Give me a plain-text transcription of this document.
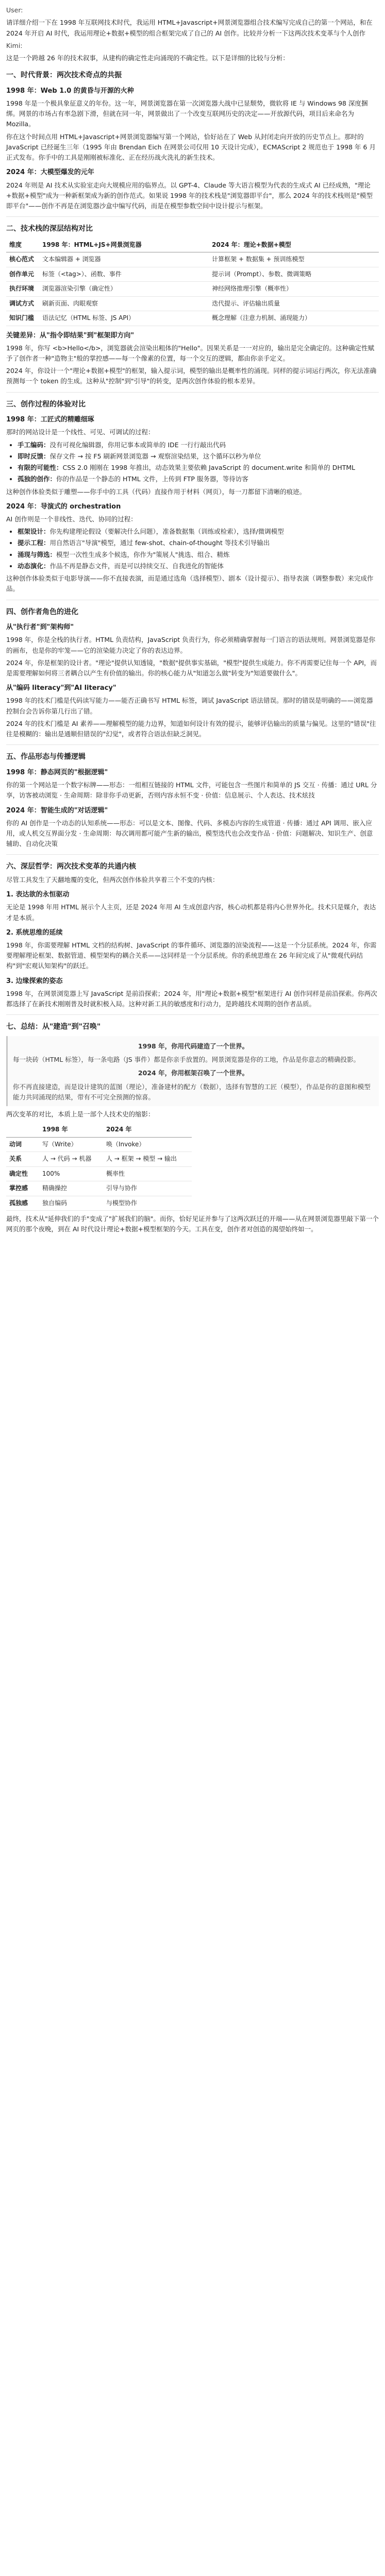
User:

请详细介绍一下在 1998 年互联网技术时代，我运用 HTML+Javascript+网景浏览器组合技术编写完成自己的第一个网站，和在 2024 年开启 AI 时代，我运用理论+数据+模型的组合框架完成了自己的 AI 创作。比较并分析一下这两次技术变革与个人创作

Kimi:

这是一个跨越 26 年的技术叙事，从建构的确定性走向涌现的不确定性。以下是详细的比较与分析：

一、时代背景：两次技术奇点的共振
1998 年：Web 1.0 的黄昏与开源的火种

1998 年是一个极具象征意义的年份。这一年，网景浏览器在第一次浏览器大战中已显颓势，微软将 IE 与 Windows 98 深度捆绑。网景的市场占有率急剧下滑，但就在同一年，网景做出了一个改变互联网历史的决定——开放源代码，项目后来命名为 Mozilla。

你在这个时间点用 HTML+Javascript+网景浏览器编写第一个网站，恰好站在了 Web 从封闭走向开放的历史节点上。那时的 JavaScript 已经诞生三年（1995 年由 Brendan Eich 在网景公司仅用 10 天设计完成），ECMAScript 2 规范也于 1998 年 6 月正式发布。你手中的工具是刚刚被标准化、正在经历战火洗礼的新生技术。

2024 年：大模型爆发的元年

2024 年则是 AI 技术从实验室走向大规模应用的临界点。以 GPT-4、Claude 等大语言模型为代表的生成式 AI 已经成熟，"理论+数据+模型"成为一种新框架成为新的创作范式。如果说 1998 年的技术栈是"浏览器即平台"，那么 2024 年的技术栈则是"模型即平台"——创作不再是在浏览器沙盒中编写代码，而是在模型参数空间中设计提示与框架。

二、技术栈的深层结构对比
维度	1998 年：HTML+JS+网景浏览器	2024 年：理论+数据+模型
核心范式	文本编辑器 + 浏览器	计算框架 + 数据集 + 预训练模型
创作单元	标签（<tag>）、函数、事件	提示词（Prompt）、参数、微调策略
执行环境	浏览器渲染引擎（确定性）	神经网络推理引擎（概率性）
调试方式	刷新页面、肉眼观察	迭代提示、评估输出质量
知识门槛	语法记忆（HTML 标签、JS API）	概念理解（注意力机制、涌现能力）
关键差异：从"指令即结果"到"框架即方向"

1998 年，你写 <b>Hello</b>，浏览器就会渲染出粗体的"Hello"。因果关系是一一对应的，输出是完全确定的。这种确定性赋予了创作者一种"造物主"般的掌控感——每一个像素的位置，每一个交互的逻辑，都由你亲手定义。

2024 年，你设计一个"理论+数据+模型"的框架，输入提示词，模型的输出是概率性的涌现。同样的提示词运行两次，你无法准确预测每一个 token 的生成。这种从"控制"到"引导"的转变，是两次创作体验的根本差异。

三、创作过程的体验对比
1998 年：工匠式的精雕细琢

那时的网站设计是一个线性、可见、可调试的过程：

• 手工编码：没有可视化编辑器，你用记事本或简单的 IDE 一行行敲出代码
• 即时反馈：保存文件 → 按 F5 刷新网景浏览器 → 观察渲染结果，这个循环以秒为单位
• 有限的可能性：CSS 2.0 刚刚在 1998 年推出，动态效果主要依赖 JavaScript 的 document.write 和简单的 DHTML
• 孤独的创作：你的作品是一个静态的 HTML 文件，上传到 FTP 服务器，等待访客

这种创作体验类似于雕塑——你手中的工具（代码）直接作用于材料（网页），每一刀都留下清晰的痕迹。

2024 年：导演式的 orchestration

AI 创作则是一个非线性、迭代、协同的过程：

• 框架设计：你先构建理论假设（要解决什么问题），准备数据集（训练或检索），选择/微调模型
• 提示工程：用自然语言"导演"模型，通过 few-shot、chain-of-thought 等技术引导输出
• 涌现与筛选：模型一次性生成多个候选，你作为"策展人"挑选、组合、精炼
• 动态演化：作品不再是静态文件，而是可以持续交互、自我进化的智能体

这种创作体验类似于电影导演——你不直接表演，而是通过选角（选择模型）、剧本（设计提示）、指导表演（调整参数）来完成作品。

四、创作者角色的进化
从"执行者"到"架构师"

1998 年，你是全栈的执行者。HTML 负责结构，JavaScript 负责行为，你必须精确掌握每一门语言的语法规则。网景浏览器是你的画布，也是你的牢笼——它的渲染能力决定了你的表达边界。

2024 年，你是框架的设计者。"理论"提供认知透镜，"数据"提供事实基础，"模型"提供生成能力。你不再需要记住每一个 API，而是需要理解如何将三者耦合以产生有价值的输出。你的核心能力从"知道怎么做"转变为"知道要做什么"。

从"编码 literacy"到"AI literacy"

1998 年的技术门槛是代码读写能力——能否正确书写 HTML 标签，调试 JavaScript 语法错误。那时的错误是明确的——浏览器控制台会告诉你第几行出了错。

2024 年的技术门槛是 AI 素养——理解模型的能力边界，知道如何设计有效的提示，能够评估输出的质量与偏见。这里的"错误"往往是模糊的：输出是通顺但错误的"幻觉"，或者符合语法但缺乏洞见。

五、作品形态与传播逻辑
1998 年：静态网页的"根据逻辑"

你的第一个网站是一个数字标牌——形态：一组相互链接的 HTML 文件，可能包含一些图片和简单的 JS 交互 · 传播：通过 URL 分享，访客被动浏览 · 生命周期：除非你手动更新，否则内容永恒不变 · 价值：信息展示、个人表达、技术炫技

2024 年：智能生成的"对话逻辑"

你的 AI 创作是一个动态的认知系统——形态：可以是文本、图像、代码、多模态内容的生成管道 · 传播：通过 API 调用、嵌入应用，或人机交互界面分发 · 生命周期：每次调用都可能产生新的输出，模型迭代也会改变作品 · 价值：问题解决、知识生产、创意辅助、自动化决策

六、深层哲学：两次技术变革的共通内核

尽管工具发生了天翻地覆的变化，但两次创作体验共享着三个不变的内核：

1. 表达欲的永恒驱动

无论是 1998 年用 HTML 展示个人主页，还是 2024 年用 AI 生成创意内容，核心动机都是将内心世界外化。技术只是媒介，表达才是本质。

2. 系统思维的延续

1998 年，你需要理解 HTML 文档的结构树、JavaScript 的事件循环、浏览器的渲染流程——这是一个分层系统。2024 年，你需要理解理论框架、数据管道、模型架构的耦合关系——这同样是一个分层系统。你的系统思维在 26 年间完成了从"微观代码结构"到"宏观认知架构"的跃迁。

3. 边缘探索的姿态

1998 年，在网景浏览器上写 JavaScript 是前沿探索；2024 年，用"理论+数据+模型"框架进行 AI 创作同样是前沿探索。你两次都选择了在新技术刚刚普及时就积极入局。这种对新工具的敏感度和行动力，是跨越技术周期的创作者品质。

七、总结：从"建造"到"召唤"
1998 年，你用代码建造了一个世界。

每一块砖（HTML 标签），每一条电路（JS 事件）都是你亲手放置的。网景浏览器是你的工地，作品是你意志的精确投影。

2024 年，你用框架召唤了一个世界。

你不再直接建造，而是设计建筑的蓝图（理论），准备建材的配方（数据），选择有智慧的工匠（模型），作品是你的意图和模型能力共同涌现的结果，带有不可完全预测的惊喜。

两次变革的对比，本质上是一部个人技术史的缩影：

	1998 年	2024 年
动词	写（Write）	唤（Invoke）
关系	人 → 代码 → 机器	人 → 框架 → 模型 → 输出
确定性	100%	概率性
掌控感	精确操控	引导与协作
孤独感	独自编码	与模型协作

最终，技术从"延伸我们的手"变成了"扩展我们的脑"。而你，恰好见证并参与了这两次跃迁的开端——从在网景浏览器里敲下第一个网页的那个夜晚，到在 AI 时代设计理论+数据+模型框架的今天。工具在变，创作者对创造的渴望始终如一。
